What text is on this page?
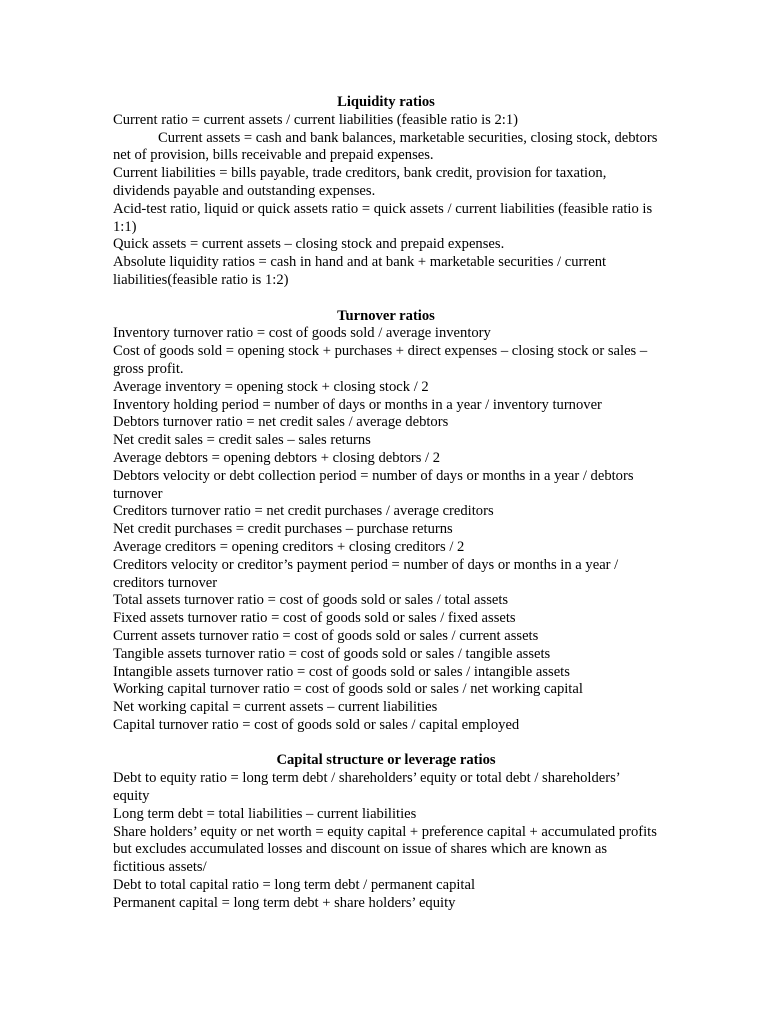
Liquidity ratios

Current ratio = current assets / current liabilities (feasible ratio is 2:1)

Current assets = cash and bank balances, marketable securities, closing stock, debtors net of provision, bills receivable and prepaid expenses.

Current liabilities = bills payable, trade creditors, bank credit, provision for taxation, dividends payable and outstanding expenses.

Acid-test ratio, liquid or quick assets ratio = quick assets / current liabilities (feasible ratio is 1:1)

Quick assets = current assets – closing stock and prepaid expenses.

Absolute liquidity ratios = cash in hand and at bank + marketable securities / current liabilities(feasible ratio is 1:2)

Turnover ratios

Inventory turnover ratio = cost of goods sold / average inventory

Cost of goods sold = opening stock + purchases + direct expenses – closing stock or sales – gross profit.

Average inventory = opening stock + closing stock / 2

Inventory holding period = number of days or months in a year / inventory turnover

Debtors turnover ratio = net credit sales / average debtors

Net credit sales = credit sales – sales returns

Average debtors = opening debtors + closing debtors / 2

Debtors velocity or debt collection period = number of days or months in a year / debtors turnover

Creditors turnover ratio = net credit purchases / average creditors

Net credit purchases = credit purchases – purchase returns

Average creditors = opening creditors + closing creditors / 2

Creditors velocity or creditor’s payment period = number of days or months in a year / creditors turnover

Total assets turnover ratio = cost of goods sold or sales / total assets

Fixed assets turnover ratio = cost of goods sold or sales / fixed assets

Current assets turnover ratio = cost of goods sold or sales / current assets

Tangible assets turnover ratio = cost of goods sold or sales / tangible assets

Intangible assets turnover ratio = cost of goods sold or sales / intangible assets

Working capital turnover ratio = cost of goods sold or sales / net working capital

Net working capital = current assets – current liabilities

Capital turnover ratio = cost of goods sold or sales / capital employed

Capital structure or leverage ratios

Debt to equity ratio = long term debt / shareholders’ equity or total debt / shareholders’ equity

Long term debt = total liabilities – current liabilities

Share holders’ equity or net worth = equity capital + preference capital + accumulated profits but excludes accumulated losses and discount on issue of shares which are known as fictitious assets/

Debt to total capital ratio = long term debt / permanent capital

Permanent capital = long term debt + share holders’ equity
